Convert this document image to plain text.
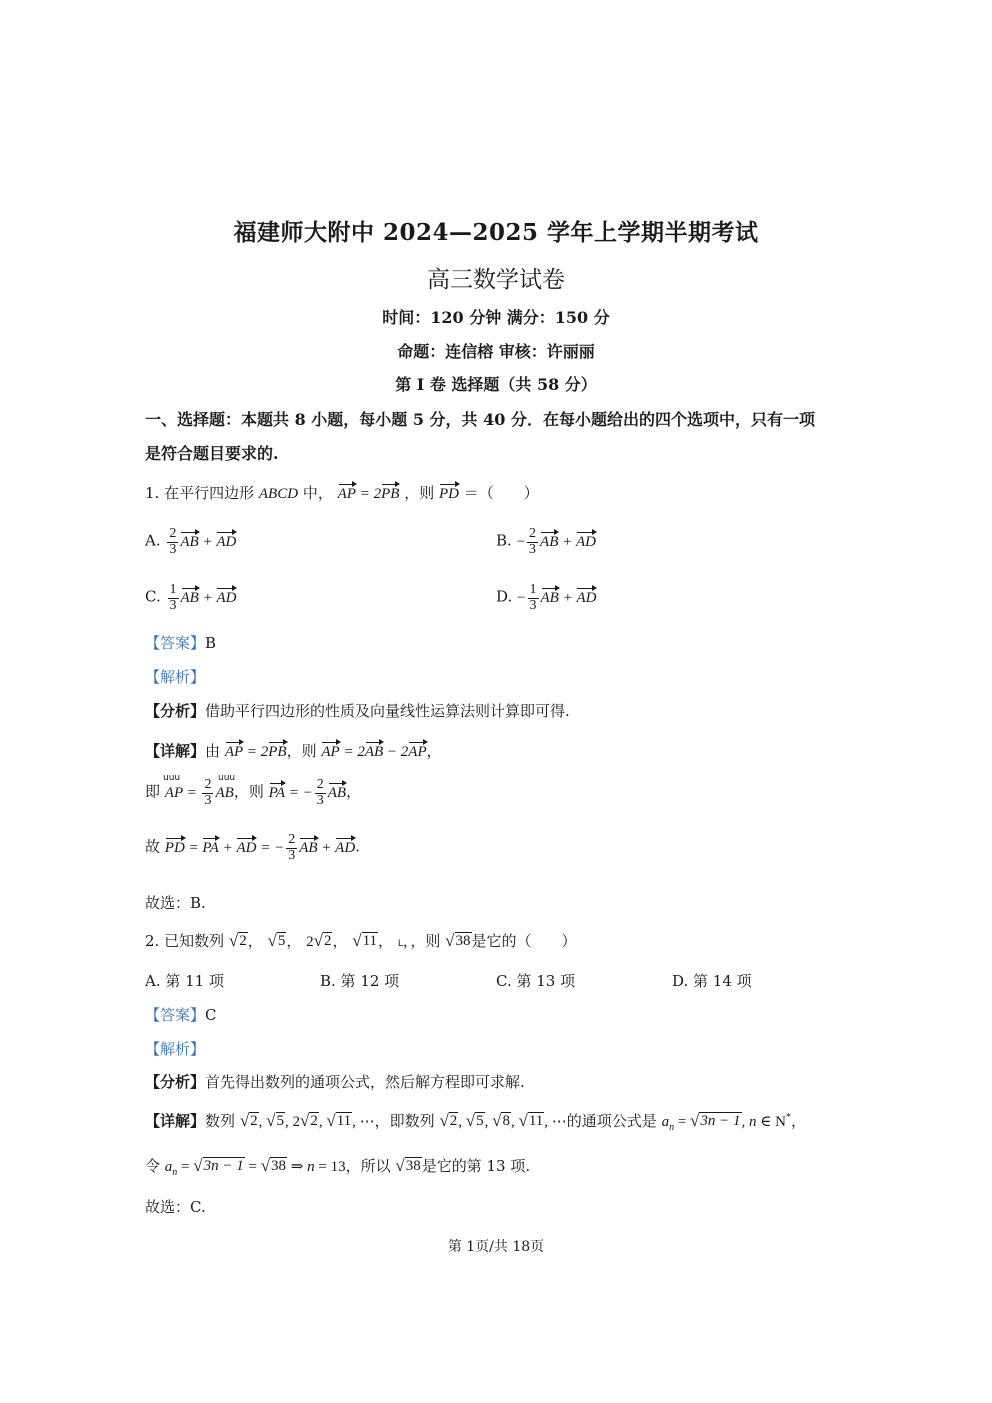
福建师大附中 2024—2025 学年上学期半期考试
高三数学试卷
时间：120 分钟 满分：150 分
命题：连信榕 审核：许丽丽
第 I 卷 选择题（共 58 分）
一、选择题：本题共 8 小题，每小题 5 分，共 40 分．在每小题给出的四个选项中，只有一项
是符合题目要求的.
1. 在平行四边形 ABCD 中， AP = 2PB ，则 PD ＝（　　）
A. $\frac{2}{3}$ AB + AD	B. − $\frac{2}{3}$ AB + AD
C. $\frac{1}{3}$ AB + AD	D. − $\frac{1}{3}$ AB + AD
【答案】B
【解析】
【分析】借助平行四边形的性质及向量线性运算法则计算即可得.
【详解】由 AP = 2PB，则 AP = 2AB − 2AP，
uuu	uuu
即 AP = $\frac{2}{3}$ AB，则 PA = − $\frac{2}{3}$ AB，
故 PD = PA + AD = − $\frac{2}{3}$ AB + AD.
故选：B.
2. 已知数列 √ 2 ， √ 5 ， 2 √ 2 ， √ 11 ， L，，则 √ 38 是它的（　　）
A. 第 11 项	B. 第 12 项	C. 第 13 项	D. 第 14 项
【答案】C
【解析】
【分析】首先得出数列的通项公式，然后解方程即可求解.
【详解】数列 √ 2 , √ 5 , 2 √ 2 , √ 11 , ⋯，即数列 √ 2 , √ 5 , √ 8 , √ 11 , ⋯的通项公式是 $a_n$ = √ 3n − 1 , n ∈ N*，
令 $a_n$ = √ 3n − 1 = √ 38 ⇒ n = 13，所以 √ 38 是它的第 13 项.
故选：C.
第 1页/共 18页
